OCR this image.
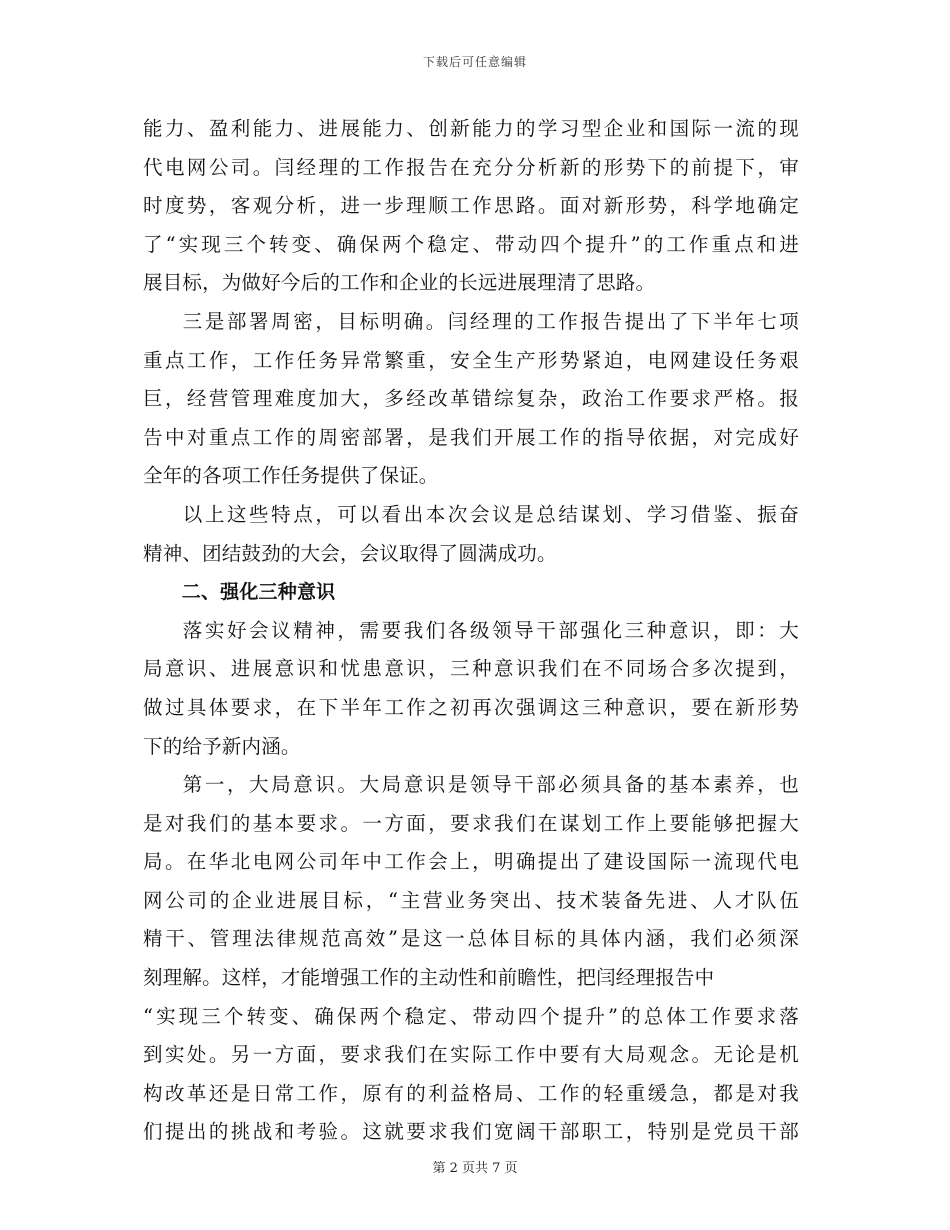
下载后可任意编辑
能力、盈利能力、进展能力、创新能力的学习型企业和国际一流的现
代电网公司。闫经理的工作报告在充分分析新的形势下的前提下，审
时度势，客观分析，进一步理顺工作思路。面对新形势，科学地确定
了“实现三个转变、确保两个稳定、带动四个提升”的工作重点和进
展目标，为做好今后的工作和企业的长远进展理清了思路。
三是部署周密，目标明确。闫经理的工作报告提出了下半年七项
重点工作，工作任务异常繁重，安全生产形势紧迫，电网建设任务艰
巨，经营管理难度加大，多经改革错综复杂，政治工作要求严格。报
告中对重点工作的周密部署，是我们开展工作的指导依据，对完成好
全年的各项工作任务提供了保证。
以上这些特点，可以看出本次会议是总结谋划、学习借鉴、振奋
精神、团结鼓劲的大会，会议取得了圆满成功。
二、强化三种意识
落实好会议精神，需要我们各级领导干部强化三种意识，即：大
局意识、进展意识和忧患意识，三种意识我们在不同场合多次提到，
做过具体要求，在下半年工作之初再次强调这三种意识，要在新形势
下的给予新内涵。
第一，大局意识。大局意识是领导干部必须具备的基本素养，也
是对我们的基本要求。一方面，要求我们在谋划工作上要能够把握大
局。在华北电网公司年中工作会上，明确提出了建设国际一流现代电
网公司的企业进展目标，“主营业务突出、技术装备先进、人才队伍
精干、管理法律规范高效”是这一总体目标的具体内涵，我们必须深
刻理解。这样，才能增强工作的主动性和前瞻性，把闫经理报告中
“实现三个转变、确保两个稳定、带动四个提升”的总体工作要求落
到实处。另一方面，要求我们在实际工作中要有大局观念。无论是机
构改革还是日常工作，原有的利益格局、工作的轻重缓急，都是对我
们提出的挑战和考验。这就要求我们宽阔干部职工，特别是党员干部
第 2 页共 7 页
